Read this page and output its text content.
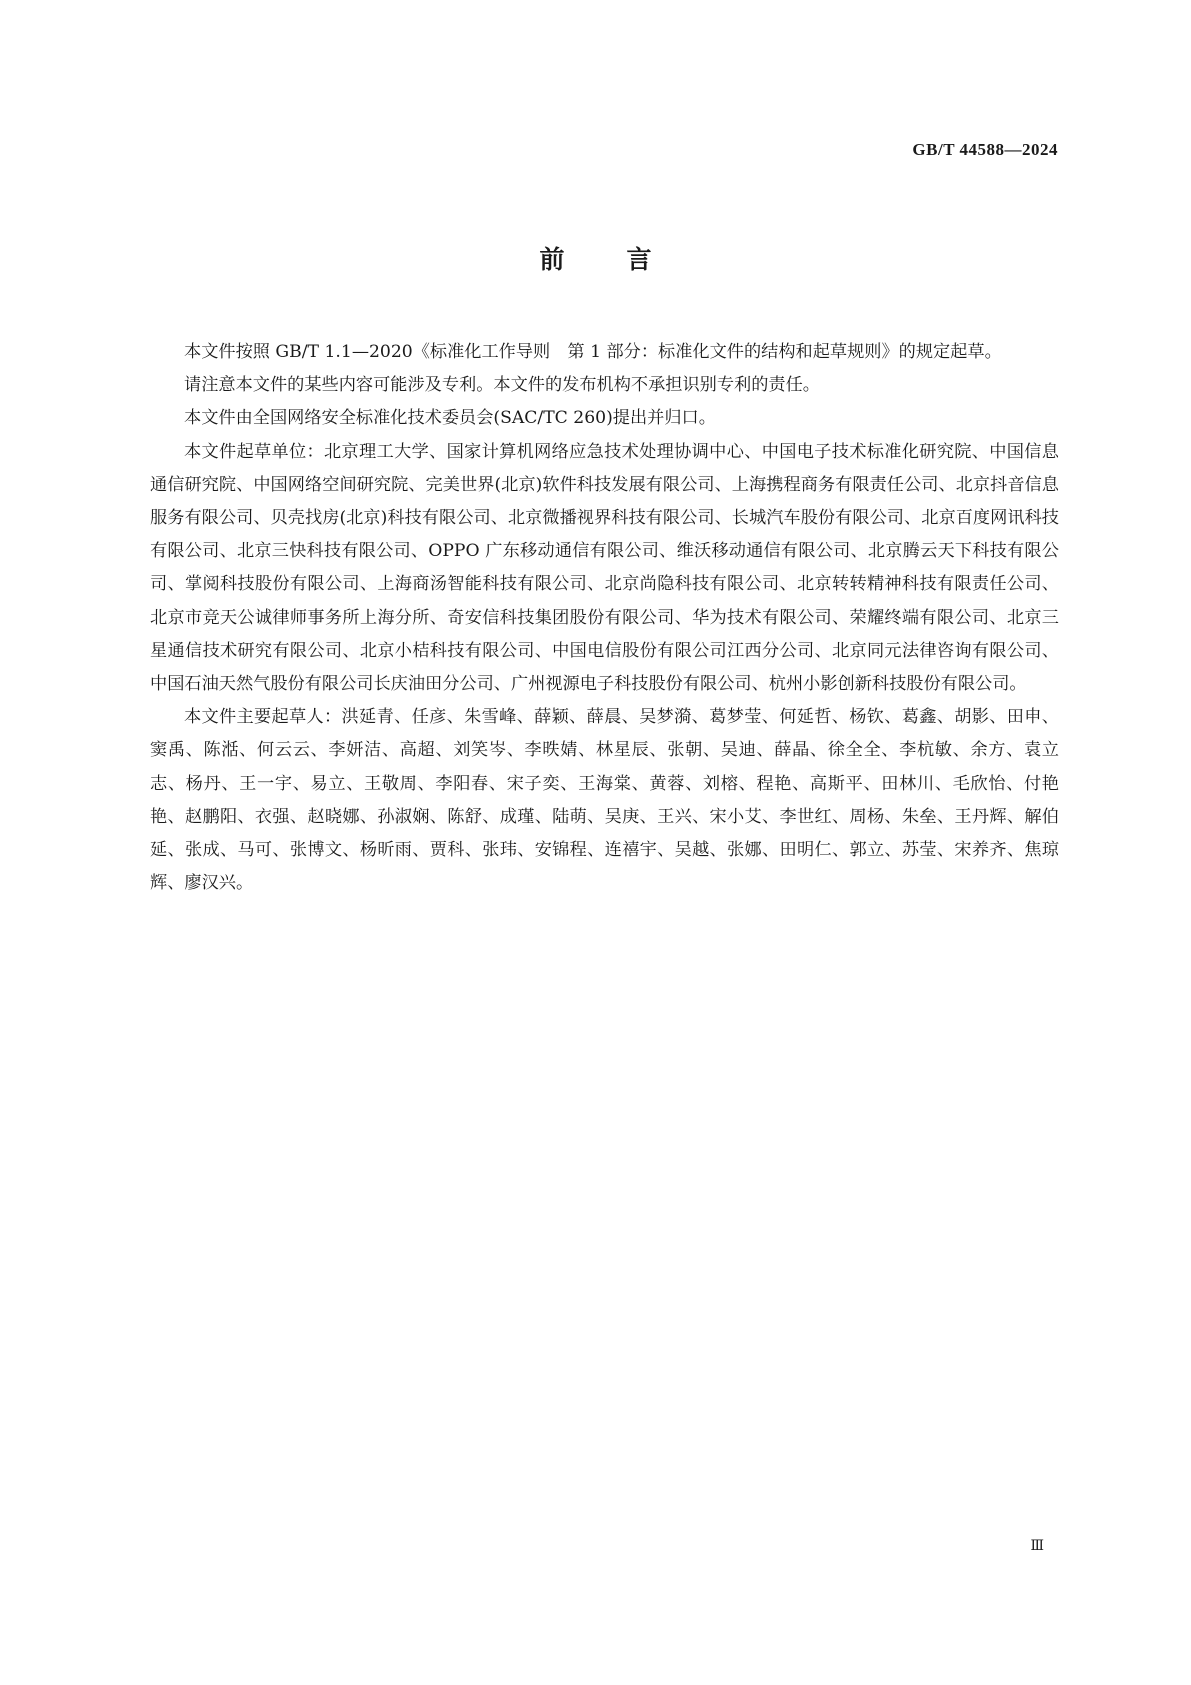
GB/T 44588—2024
前言

本文件按照 GB/T 1.1—2020《标准化工作导则　第 1 部分：标准化文件的结构和起草规则》的规定起草。

请注意本文件的某些内容可能涉及专利。本文件的发布机构不承担识别专利的责任。

本文件由全国网络安全标准化技术委员会(SAC/TC 260)提出并归口。

本文件起草单位：北京理工大学、国家计算机网络应急技术处理协调中心、中国电子技术标准化研究院、中国信息通信研究院、中国网络空间研究院、完美世界(北京)软件科技发展有限公司、上海携程商务有限责任公司、北京抖音信息服务有限公司、贝壳找房(北京)科技有限公司、北京微播视界科技有限公司、长城汽车股份有限公司、北京百度网讯科技有限公司、北京三快科技有限公司、OPPO 广东移动通信有限公司、维沃移动通信有限公司、北京腾云天下科技有限公司、掌阅科技股份有限公司、上海商汤智能科技有限公司、北京尚隐科技有限公司、北京转转精神科技有限责任公司、北京市竞天公诚律师事务所上海分所、奇安信科技集团股份有限公司、华为技术有限公司、荣耀终端有限公司、北京三星通信技术研究有限公司、北京小桔科技有限公司、中国电信股份有限公司江西分公司、北京同元法律咨询有限公司、中国石油天然气股份有限公司长庆油田分公司、广州视源电子科技股份有限公司、杭州小影创新科技股份有限公司。

本文件主要起草人：洪延青、任彦、朱雪峰、薛颖、薛晨、吴梦漪、葛梦莹、何延哲、杨钦、葛鑫、胡影、田申、窦禹、陈湉、何云云、李妍洁、高超、刘笑岑、李昳婧、林星辰、张朝、吴迪、薛晶、徐全全、李杭敏、余方、袁立志、杨丹、王一宇、易立、王敬周、李阳春、宋子奕、王海棠、黄蓉、刘榕、程艳、高斯平、田林川、毛欣怡、付艳艳、赵鹏阳、衣强、赵晓娜、孙淑娴、陈舒、成瑾、陆萌、吴庚、王兴、宋小艾、李世红、周杨、朱垒、王丹辉、解伯延、张成、马可、张博文、杨昕雨、贾科、张玮、安锦程、连禧宇、吴越、张娜、田明仁、郭立、苏莹、宋养齐、焦琼辉、廖汉兴。

Ⅲ
